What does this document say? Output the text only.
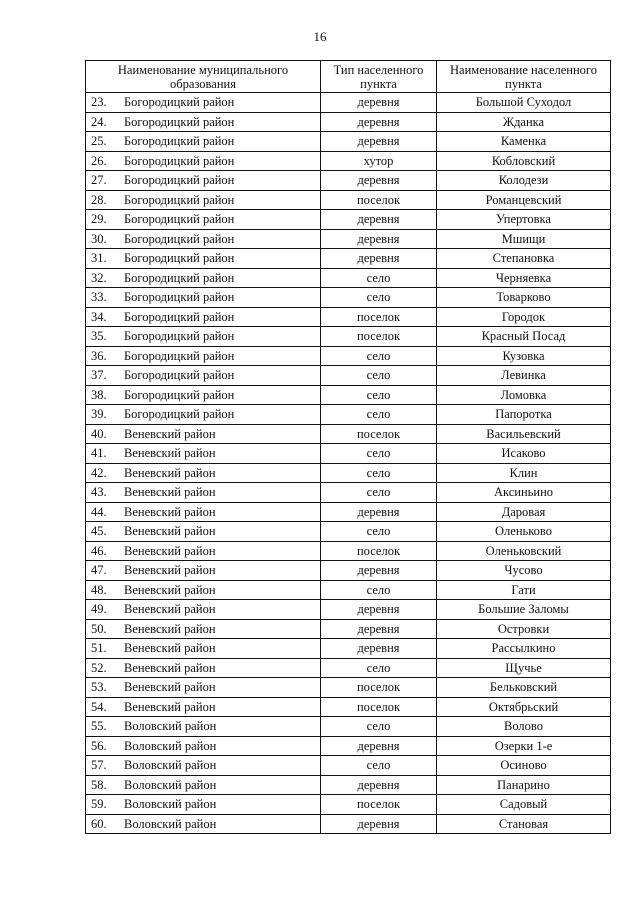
16
Наименование муниципального образования	Тип населенного пункта	Наименование населенного пункта
23. Богородицкий район	деревня	Большой Суходол
24. Богородицкий район	деревня	Жданка
25. Богородицкий район	деревня	Каменка
26. Богородицкий район	хутор	Кобловский
27. Богородицкий район	деревня	Колодези
28. Богородицкий район	поселок	Романцевский
29. Богородицкий район	деревня	Упертовка
30. Богородицкий район	деревня	Мшищи
31. Богородицкий район	деревня	Степановка
32. Богородицкий район	село	Черняевка
33. Богородицкий район	село	Товарково
34. Богородицкий район	поселок	Городок
35. Богородицкий район	поселок	Красный Посад
36. Богородицкий район	село	Кузовка
37. Богородицкий район	село	Левинка
38. Богородицкий район	село	Ломовка
39. Богородицкий район	село	Папоротка
40. Веневский район	поселок	Васильевский
41. Веневский район	село	Исаково
42. Веневский район	село	Клин
43. Веневский район	село	Аксиньино
44. Веневский район	деревня	Даровая
45. Веневский район	село	Оленьково
46. Веневский район	поселок	Оленьковский
47. Веневский район	деревня	Чусово
48. Веневский район	село	Гати
49. Веневский район	деревня	Большие Заломы
50. Веневский район	деревня	Островки
51. Веневский район	деревня	Рассылкино
52. Веневский район	село	Щучье
53. Веневский район	поселок	Бельковский
54. Веневский район	поселок	Октябрьский
55. Воловский район	село	Волово
56. Воловский район	деревня	Озерки 1-е
57. Воловский район	село	Осиново
58. Воловский район	деревня	Панарино
59. Воловский район	поселок	Садовый
60. Воловский район	деревня	Становая
